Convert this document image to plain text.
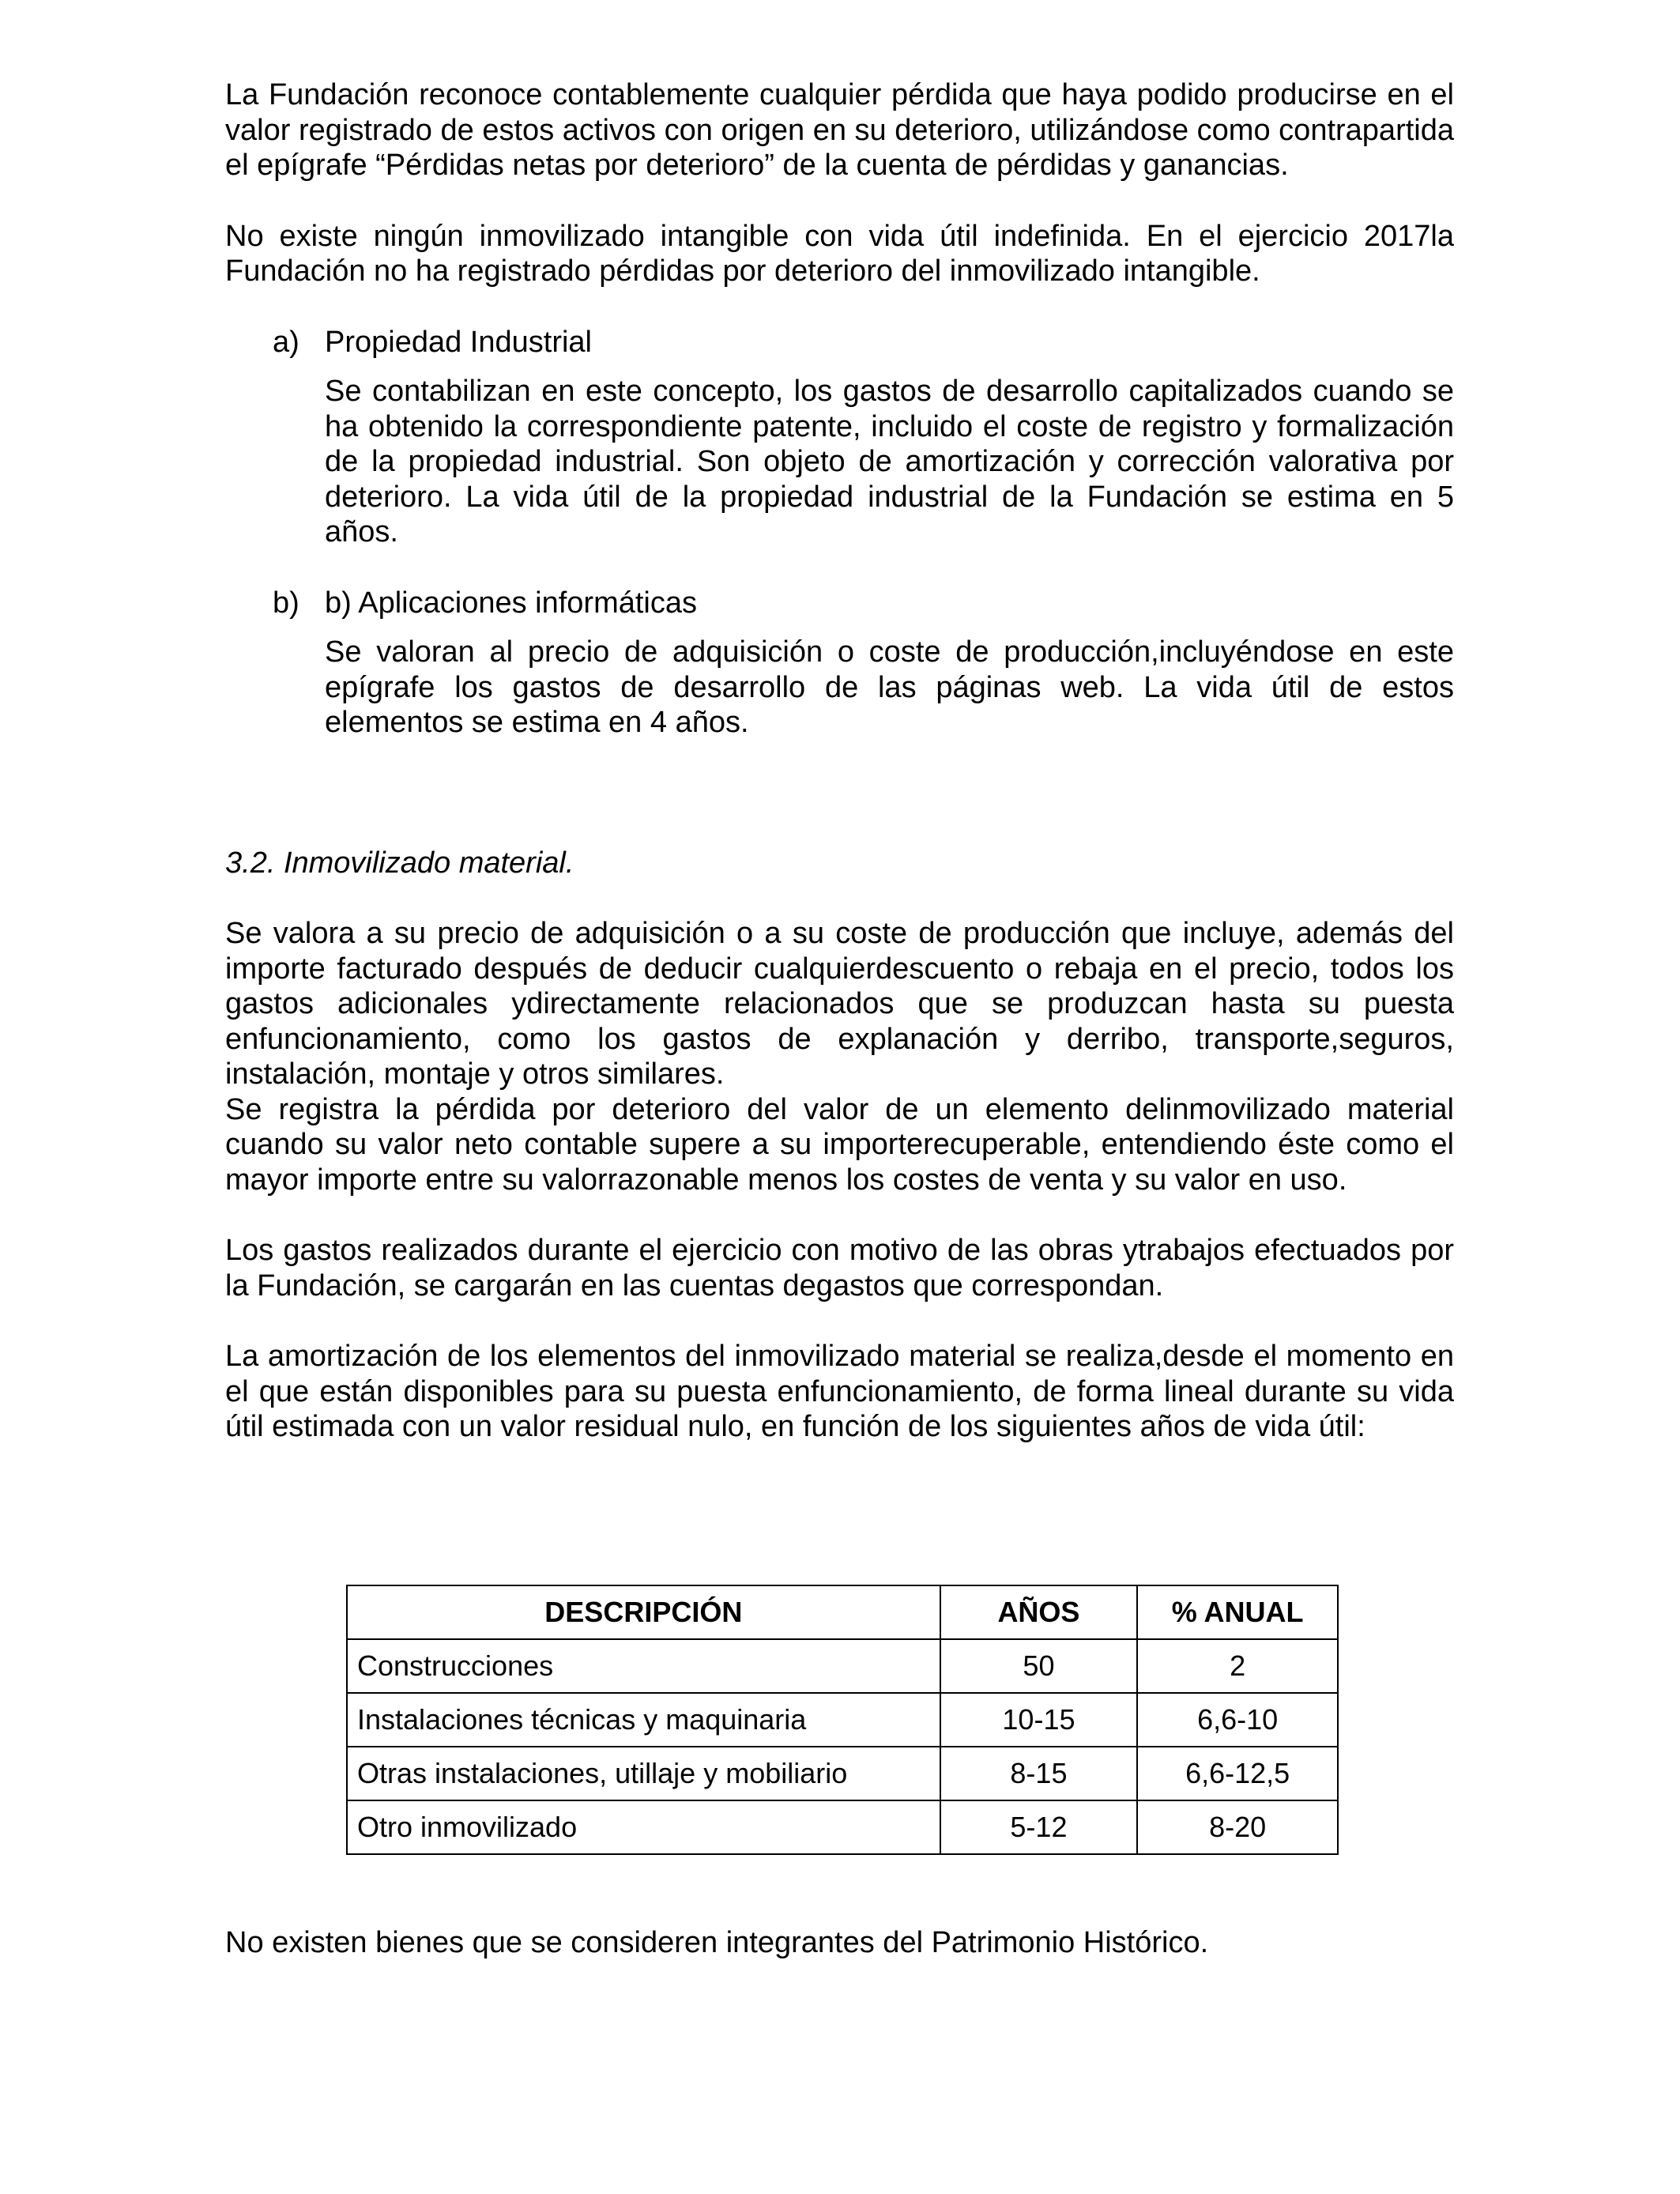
La Fundación reconoce contablemente cualquier pérdida que haya podido producirse en el valor registrado de estos activos con origen en su deterioro, utilizándose como contrapartida el epígrafe “Pérdidas netas por deterioro” de la cuenta de pérdidas y ganancias.

No existe ningún inmovilizado intangible con vida útil indefinida. En el ejercicio 2017la Fundación no ha registrado pérdidas por deterioro del inmovilizado intangible.

a) Propiedad Industrial

Se contabilizan en este concepto, los gastos de desarrollo capitalizados cuando se ha obtenido la correspondiente patente, incluido el coste de registro y formalización de la propiedad industrial. Son objeto de amortización y corrección valorativa por deterioro. La vida útil de la propiedad industrial de la Fundación se estima en 5 años.

b) b) Aplicaciones informáticas

Se valoran al precio de adquisición o coste de producción,incluyéndose en este epígrafe los gastos de desarrollo de las páginas web. La vida útil de estos elementos se estima en 4 años.

3.2. Inmovilizado material.

Se valora a su precio de adquisición o a su coste de producción que incluye, además del importe facturado después de deducir cualquierdescuento o rebaja en el precio, todos los gastos adicionales ydirectamente relacionados que se produzcan hasta su puesta enfuncionamiento, como los gastos de explanación y derribo, transporte,seguros, instalación, montaje y otros similares.

Se registra la pérdida por deterioro del valor de un elemento delinmovilizado material cuando su valor neto contable supere a su importerecuperable, entendiendo éste como el mayor importe entre su valorrazonable menos los costes de venta y su valor en uso.

Los gastos realizados durante el ejercicio con motivo de las obras ytrabajos efectuados por la Fundación, se cargarán en las cuentas degastos que correspondan.

La amortización de los elementos del inmovilizado material se realiza,desde el momento en el que están disponibles para su puesta enfuncionamiento, de forma lineal durante su vida útil estimada con un valor residual nulo, en función de los siguientes años de vida útil:

DESCRIPCIÓN	AÑOS	% ANUAL
Construcciones	50	2
Instalaciones técnicas y maquinaria	10-15	6,6-10
Otras instalaciones, utillaje y mobiliario	8-15	6,6-12,5
Otro inmovilizado	5-12	8-20

No existen bienes que se consideren integrantes del Patrimonio Histórico.
